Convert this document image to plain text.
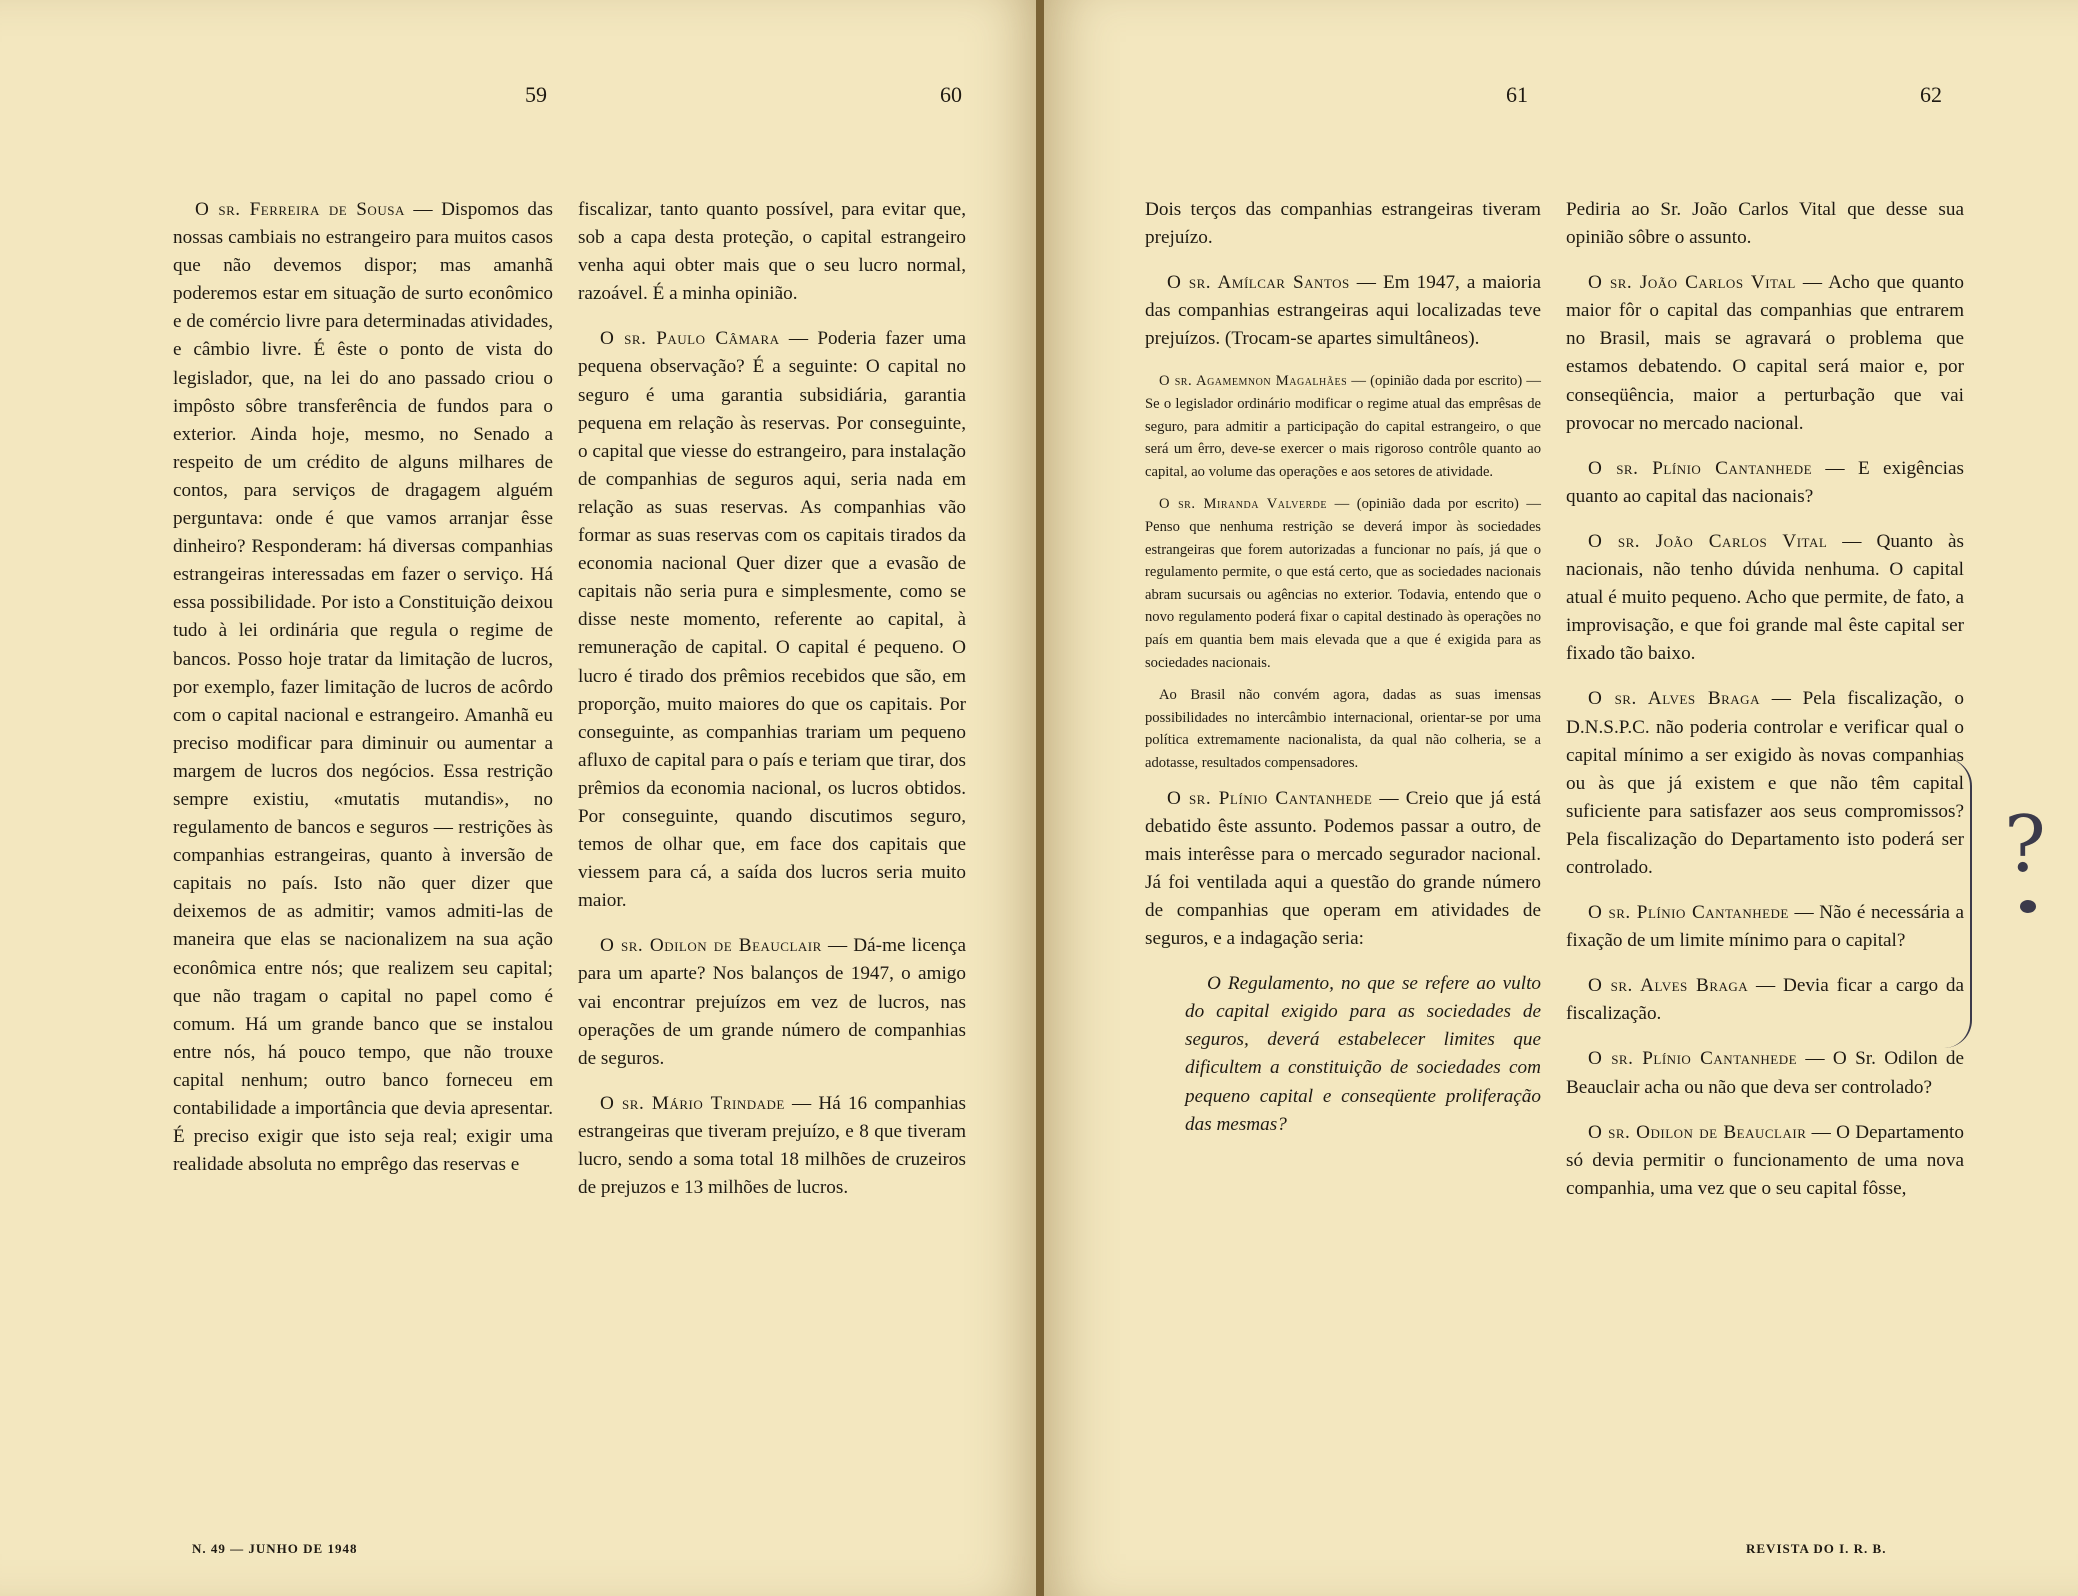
59	60

O sr. Ferreira de Sousa — Dispomos das nossas cambiais no estrangeiro para muitos casos que não devemos dispor; mas amanhã poderemos estar em situação de surto econômico e de comércio livre para determinadas atividades, e câmbio livre. É êste o ponto de vista do legislador, que, na lei do ano passado criou o impôsto sôbre transferência de fundos para o exterior. Ainda hoje, mesmo, no Senado a respeito de um crédito de alguns milhares de contos, para serviços de dragagem alguém perguntava: onde é que vamos arranjar êsse dinheiro? Responderam: há diversas companhias estrangeiras interessadas em fazer o serviço. Há essa possibilidade. Por isto a Constituição deixou tudo à lei ordinária que regula o regime de bancos. Posso hoje tratar da limitação de lucros, por exemplo, fazer limitação de lucros de acôrdo com o capital nacional e estrangeiro. Amanhã eu preciso modificar para diminuir ou aumentar a margem de lucros dos negócios. Essa restrição sempre existiu, «mutatis mutandis», no regulamento de bancos e seguros — restrições às companhias estrangeiras, quanto à inversão de capitais no país. Isto não quer dizer que deixemos de as admitir; vamos admiti-las de maneira que elas se nacionalizem na sua ação econômica entre nós; que realizem seu capital; que não tragam o capital no papel como é comum. Há um grande banco que se instalou entre nós, há pouco tempo, que não trouxe capital nenhum; outro banco forneceu em contabilidade a importância que devia apresentar. É preciso exigir que isto seja real; exigir uma realidade absoluta no emprêgo das reservas e

fiscalizar, tanto quanto possível, para evitar que, sob a capa desta proteção, o capital estrangeiro venha aqui obter mais que o seu lucro normal, razoável. É a minha opinião.

O sr. Paulo Câmara — Poderia fazer uma pequena observação? É a seguinte: O capital no seguro é uma garantia subsidiária, garantia pequena em relação às reservas. Por conseguinte, o capital que viesse do estrangeiro, para instalação de companhias de seguros aqui, seria nada em relação as suas reservas. As companhias vão formar as suas reservas com os capitais tirados da economia nacional Quer dizer que a evasão de capitais não seria pura e simplesmente, como se disse neste momento, referente ao capital, à remuneração de capital. O capital é pequeno. O lucro é tirado dos prêmios recebidos que são, em proporção, muito maiores do que os capitais. Por conseguinte, as companhias trariam um pequeno afluxo de capital para o país e teriam que tirar, dos prêmios da economia nacional, os lucros obtidos. Por conseguinte, quando discutimos seguro, temos de olhar que, em face dos capitais que viessem para cá, a saída dos lucros seria muito maior.

O sr. Odilon de Beauclair — Dá-me licença para um aparte? Nos balanços de 1947, o amigo vai encontrar prejuízos em vez de lucros, nas operações de um grande número de companhias de seguros.

O sr. Mário Trindade — Há 16 companhias estrangeiras que tiveram prejuízo, e 8 que tiveram lucro, sendo a soma total 18 milhões de cruzeiros de prejuzos e 13 milhões de lucros.

N. 49 — JUNHO DE 1948
61	62

Dois terços das companhias estrangeiras tiveram prejuízo.

O sr. Amílcar Santos — Em 1947, a maioria das companhias estrangeiras aqui localizadas teve prejuízos. (Trocam-se apartes simultâneos).

O sr. Agamemnon Magalhães — (opinião dada por escrito) — Se o legislador ordinário modificar o regime atual das emprêsas de seguro, para admitir a participação do capital estrangeiro, o que será um êrro, deve-se exercer o mais rigoroso contrôle quanto ao capital, ao volume das operações e aos setores de atividade.

O sr. Miranda Valverde — (opinião dada por escrito) — Penso que nenhuma restrição se deverá impor às sociedades estrangeiras que forem autorizadas a funcionar no país, já que o regulamento permite, o que está certo, que as sociedades nacionais abram sucursais ou agências no exterior. Todavia, entendo que o novo regulamento poderá fixar o capital destinado às operações no país em quantia bem mais elevada que a que é exigida para as sociedades nacionais.

Ao Brasil não convém agora, dadas as suas imensas possibilidades no intercâmbio internacional, orientar-se por uma política extremamente nacionalista, da qual não colheria, se a adotasse, resultados compensadores.

O sr. Plínio Cantanhede — Creio que já está debatido êste assunto. Podemos passar a outro, de mais interêsse para o mercado segurador nacional. Já foi ventilada aqui a questão do grande número de companhias que operam em atividades de seguros, e a indagação seria:

O Regulamento, no que se refere ao vulto do capital exigido para as sociedades de seguros, deverá estabelecer limites que dificultem a constituição de sociedades com pequeno capital e conseqüente proliferação das mesmas?

Pediria ao Sr. João Carlos Vital que desse sua opinião sôbre o assunto.

O sr. João Carlos Vital — Acho que quanto maior fôr o capital das companhias que entrarem no Brasil, mais se agravará o problema que estamos debatendo. O capital será maior e, por conseqüência, maior a perturbação que vai provocar no mercado nacional.

O sr. Plínio Cantanhede — E exigências quanto ao capital das nacionais?

O sr. João Carlos Vital — Quanto às nacionais, não tenho dúvida nenhuma. O capital atual é muito pequeno. Acho que permite, de fato, a improvisação, e que foi grande mal êste capital ser fixado tão baixo.

O sr. Alves Braga — Pela fiscalização, o D.N.S.P.C. não poderia controlar e verificar qual o capital mínimo a ser exigido às novas companhias ou às que já existem e que não têm capital suficiente para satisfazer aos seus compromissos? Pela fiscalização do Departamento isto poderá ser controlado.

O sr. Plínio Cantanhede — Não é necessária a fixação de um limite mínimo para o capital?

O sr. Alves Braga — Devia ficar a cargo da fiscalização.

O sr. Plínio Cantanhede — O Sr. Odilon de Beauclair acha ou não que deva ser controlado?

O sr. Odilon de Beauclair — O Departamento só devia permitir o funcionamento de uma nova companhia, uma vez que o seu capital fôsse,

REVISTA DO I. R. B.
?
